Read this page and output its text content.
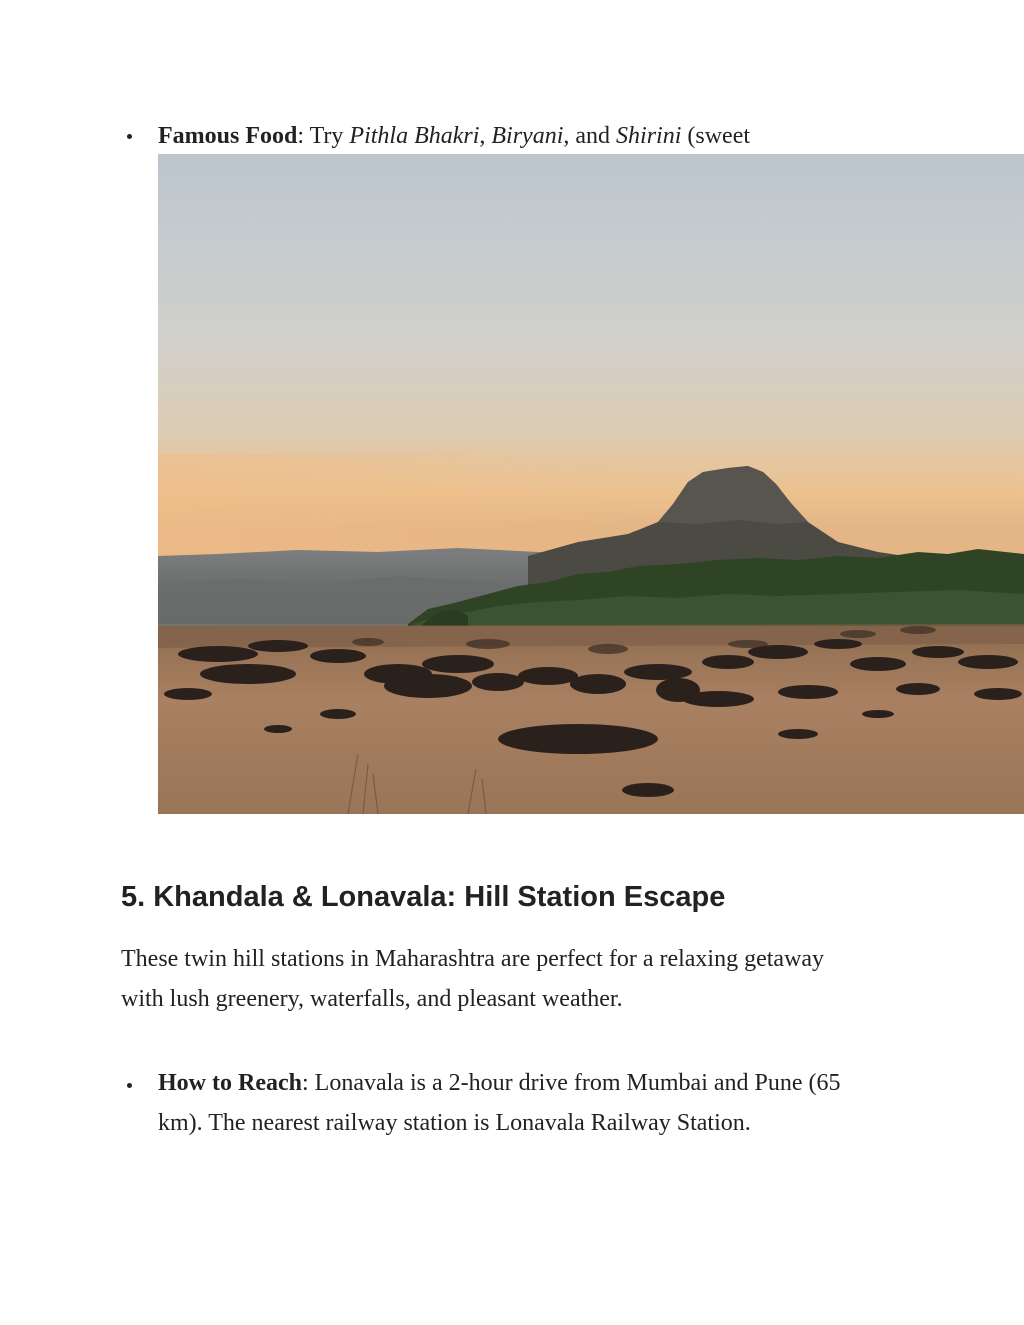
Famous Food: Try Pithla Bhakri, Biryani, and Shirini (sweet
5. Khandala & Lonavala: Hill Station Escape

These twin hill stations in Maharashtra are perfect for a relaxing getaway with lush greenery, waterfalls, and pleasant weather.

How to Reach: Lonavala is a 2-hour drive from Mumbai and Pune (65 km). The nearest railway station is Lonavala Railway Station.
